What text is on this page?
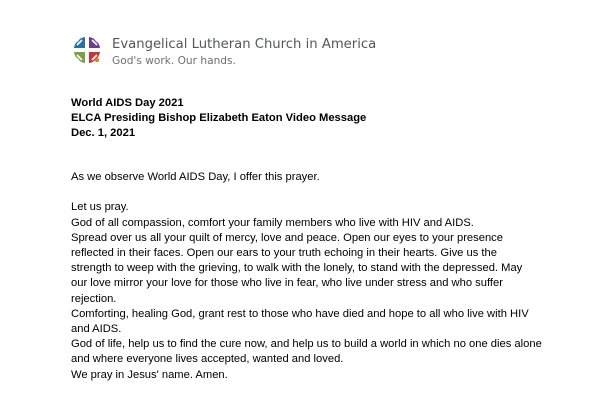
Evangelical Lutheran Church in America
God's work. Our hands.
World AIDS Day 2021
ELCA Presiding Bishop Elizabeth Eaton Video Message
Dec. 1, 2021

As we observe World AIDS Day, I offer this prayer.

Let us pray.

God of all compassion, comfort your family members who live with HIV and AIDS.

Spread over us all your quilt of mercy, love and peace. Open our eyes to your presence

reflected in their faces. Open our ears to your truth echoing in their hearts. Give us the

strength to weep with the grieving, to walk with the lonely, to stand with the depressed. May

our love mirror your love for those who live in fear, who live under stress and who suffer

rejection.

Comforting, healing God, grant rest to those who have died and hope to all who live with HIV

and AIDS.

God of life, help us to find the cure now, and help us to build a world in which no one dies alone

and where everyone lives accepted, wanted and loved.

We pray in Jesus' name. Amen.
